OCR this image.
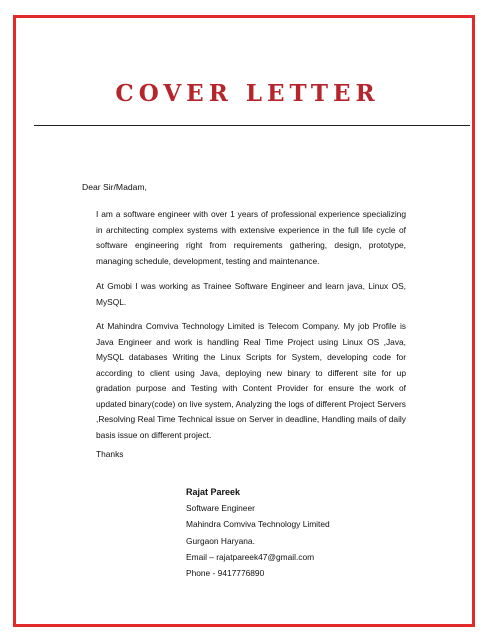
COVER LETTER
Dear Sir/Madam,
I am a software engineer with over 1 years of professional experience specializing in architecting complex systems with extensive experience in the full life cycle of software engineering right from requirements gathering, design, prototype, managing schedule, development, testing and maintenance.
At Gmobi I was working as Trainee Software Engineer and learn java, Linux OS, MySQL.
At Mahindra Comviva Technology Limited is Telecom Company. My job Profile is Java Engineer and work is handling Real Time Project using Linux OS ,Java, MySQL databases Writing the Linux Scripts for System, developing code for according to client using Java, deploying new binary to different site for up gradation purpose and Testing with Content Provider for ensure the work of updated binary(code) on live system, Analyzing the logs of different Project Servers ,Resolving Real Time Technical issue on Server in deadline, Handling mails of daily basis issue on different project.
Thanks
Rajat Pareek
Software Engineer
Mahindra Comviva Technology Limited
Gurgaon Haryana.
Email – rajatpareek47@gmail.com
Phone - 9417776890
